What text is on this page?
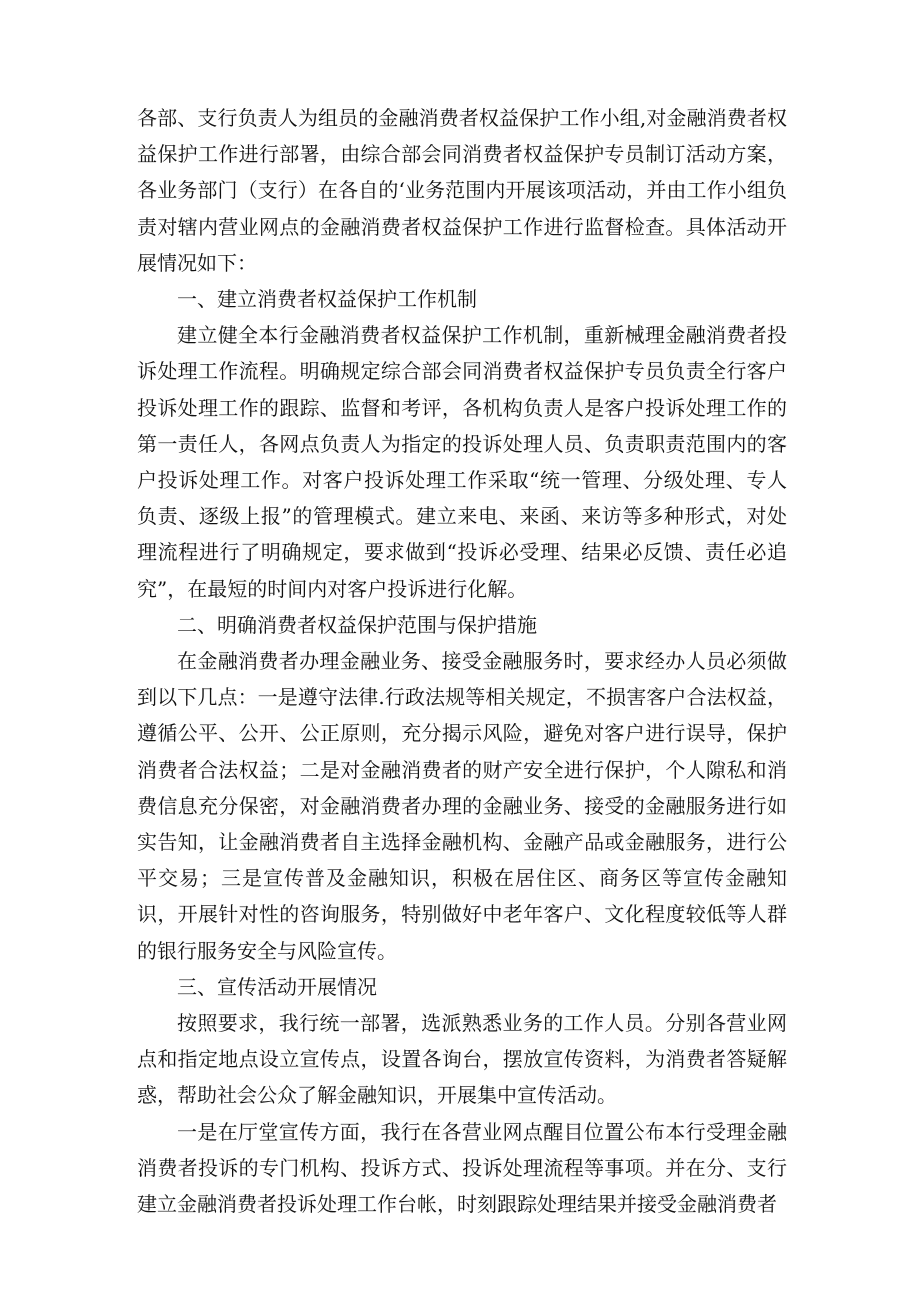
各部、支行负责人为组员的金融消费者权益保护工作小组,对金融消费者权益保护工作进行部署，由综合部会同消费者权益保护专员制订活动方案，各业务部门（支行）在各自的‘业务范围内开展该项活动，并由工作小组负责对辖内营业网点的金融消费者权益保护工作进行监督检查。具体活动开展情况如下：

一、建立消费者权益保护工作机制

建立健全本行金融消费者权益保护工作机制，重新械理金融消费者投诉处理工作流程。明确规定综合部会同消费者权益保护专员负责全行客户投诉处理工作的跟踪、监督和考评，各机构负责人是客户投诉处理工作的第一责任人，各网点负责人为指定的投诉处理人员、负责职责范围内的客户投诉处理工作。对客户投诉处理工作采取“统一管理、分级处理、专人负责、逐级上报”的管理模式。建立来电、来函、来访等多种形式，对处理流程进行了明确规定，要求做到“投诉必受理、结果必反馈、责任必追究”，在最短的时间内对客户投诉进行化解。

二、明确消费者权益保护范围与保护措施

在金融消费者办理金融业务、接受金融服务时，要求经办人员必须做到以下几点：一是遵守法律.行政法规等相关规定，不损害客户合法权益，遵循公平、公开、公正原则，充分揭示风险，避免对客户进行误导，保护消费者合法权益；二是对金融消费者的财产安全进行保护，个人隙私和消费信息充分保密，对金融消费者办理的金融业务、接受的金融服务进行如实告知，让金融消费者自主选择金融机构、金融产品或金融服务，进行公平交易；三是宣传普及金融知识，积极在居住区、商务区等宣传金融知识，开展针对性的咨询服务，特别做好中老年客户、文化程度较低等人群的银行服务安全与风险宣传。

三、宣传活动开展情况

按照要求，我行统一部署，选派熟悉业务的工作人员。分别各营业网点和指定地点设立宣传点，设置各询台，摆放宣传资料，为消费者答疑解惑，帮助社会公众了解金融知识，开展集中宣传活动。

一是在厅堂宣传方面，我行在各营业网点醒目位置公布本行受理金融消费者投诉的专门机构、投诉方式、投诉处理流程等事项。并在分、支行建立金融消费者投诉处理工作台帐，时刻跟踪处理结果并接受金融消费者
